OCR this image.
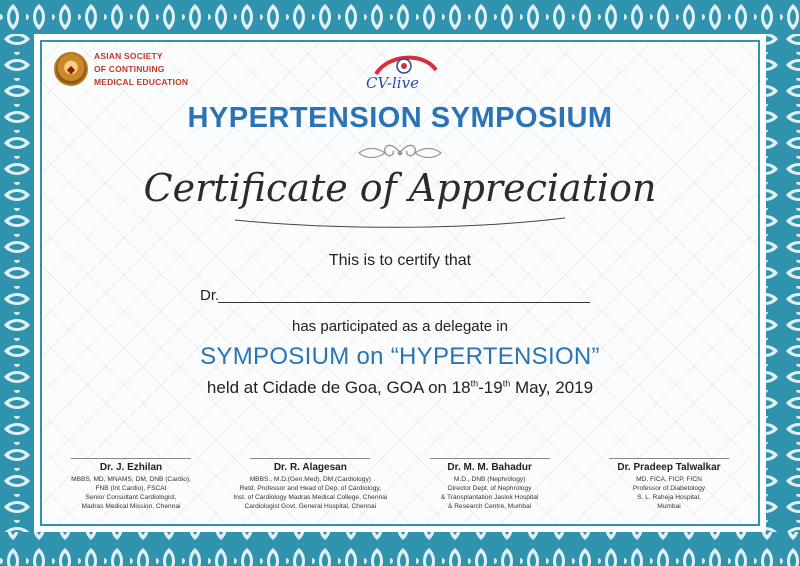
◆
ASIAN SOCIETY
OF CONTINUING
MEDICAL EDUCATION	CV-live
HYPERTENSION SYMPOSIUM
Certificate of Appreciation
This is to certify that
Dr.
has participated as a delegate in
SYMPOSIUM on “HYPERTENSION”
held at Cidade de Goa, GOA on 18th-19th May, 2019
Dr. J. Ezhilan
MBBS, MD, MNAMS, DM, DNB (Cardio),
FNB (Int Cardio), FSCAI
Senior Consultant Cardiologist,
Madras Medical Mission, Chennai
Dr. R. Alagesan
MBBS., M.D.(Gen.Med), DM.(Cardiology)
Retd. Professor and Head of Dep. of Cardiology,
Inst. of Cardiology Madras Medical College, Chennai
Cardiologist Govt. General Hospital, Chennai
Dr. M. M. Bahadur
M.D., DNB (Nephrology)
Director Dept. of Nephrology
& Transplantation Jaslok Hospital
& Research Centre, Mumbai
Dr. Pradeep Talwalkar
MD, FICA, FICP, FICN
Professor of Diabetology
S. L. Raheja Hospital,
Mumbai
